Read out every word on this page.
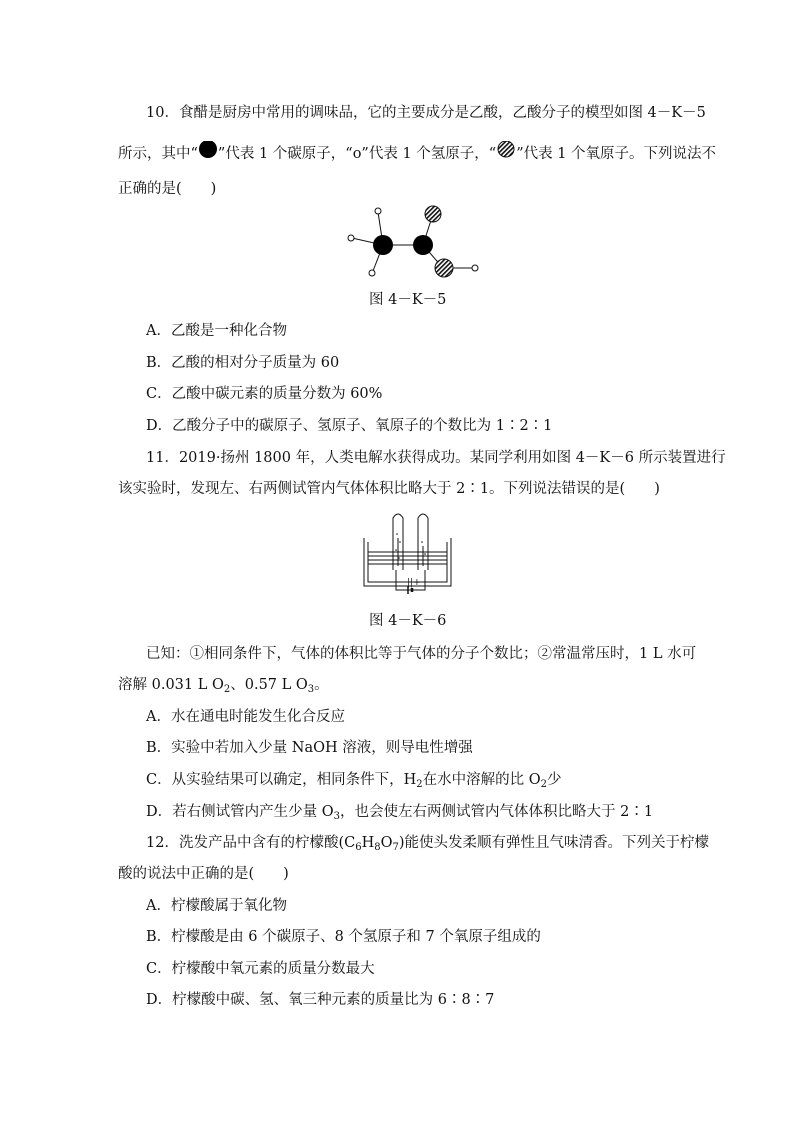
10．食醋是厨房中常用的调味品，它的主要成分是乙酸，乙酸分子的模型如图 4－K－5
所示，其中“ ”代表 1 个碳原子，“o”代表 1 个氢原子，“ ”代表 1 个氧原子。下列说法不
正确的是(　　)
图 4－K－5
A．乙酸是一种化合物
B．乙酸的相对分子质量为 60
C．乙酸中碳元素的质量分数为 60%
D．乙酸分子中的碳原子、氢原子、氧原子的个数比为 1∶2∶1
11．2019·扬州 1800 年，人类电解水获得成功。某同学利用如图 4－K－6 所示装置进行
该实验时，发现左、右两侧试管内气体体积比略大于 2∶1。下列说法错误的是(　　)
－||+
图 4－K－6
已知：①相同条件下，气体的体积比等于气体的分子个数比；②常温常压时，1 L 水可
溶解 0.031 L $O_2$、0.57 L $O_3$。
A．水在通电时能发生化合反应
B．实验中若加入少量 NaOH 溶液，则导电性增强
C．从实验结果可以确定，相同条件下，$H_2$在水中溶解的比 $O_2$少
D．若右侧试管内产生少量 $O_3$，也会使左右两侧试管内气体体积比略大于 2∶1
12．洗发产品中含有的柠檬酸$(C_6H_8O_7)$能使头发柔顺有弹性且气味清香。下列关于柠檬
酸的说法中正确的是(　　)
A．柠檬酸属于氧化物
B．柠檬酸是由 6 个碳原子、8 个氢原子和 7 个氧原子组成的
C．柠檬酸中氧元素的质量分数最大
D．柠檬酸中碳、氢、氧三种元素的质量比为 6∶8∶7
